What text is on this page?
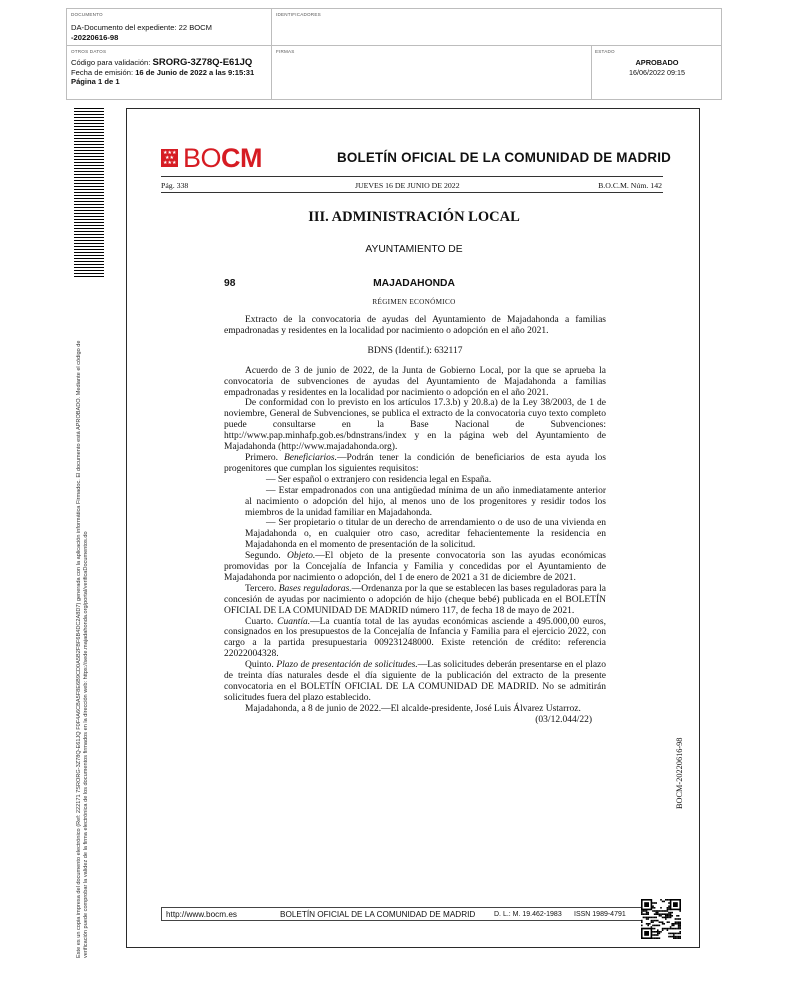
DOCUMENTO
DA-Documento del expediente: 22 BOCM
-20220616-98
IDENTIFICADORES
OTROS DATOS
Código para validación: SRORG-3Z78Q-E61JQ
Fecha de emisión: 16 de Junio de 2022 a las 9:15:31
Página 1 de 1
FIRMAS	ESTADO
APROBADO
16/06/2022 09:15
Este es un copia impresa del documento electrónico (Ref: 222171 7SRORG-3Z78Q-E61JQ F0F4A6CBA5F8E6B9CD0A5B2FBF6B4DC2A8D7) generada con la aplicación informática Firmadoc. El documento está APROBADO. Mediante el código de verificación puede comprobar la validez de la firma electrónica de los documentos firmados en la dirección web: https://sede.majadahonda.org/portal/verificaDocumentos.do
★★★
★★
★★★ BO CM	BOLETÍN OFICIAL DE LA COMUNIDAD DE MADRID
Pág. 338	JUEVES 16 DE JUNIO DE 2022	B.O.C.M. Núm. 142
III. ADMINISTRACIÓN LOCAL
AYUNTAMIENTO DE
98	MAJADAHONDA
RÉGIMEN ECONÓMICO

Extracto de la convocatoria de ayudas del Ayuntamiento de Majadahonda a familias empadronadas y residentes en la localidad por nacimiento o adopción en el año 2021.

BDNS (Identif.): 632117

Acuerdo de 3 de junio de 2022, de la Junta de Gobierno Local, por la que se aprueba la convocatoria de subvenciones de ayudas del Ayuntamiento de Majadahonda a familias empadronadas y residentes en la localidad por nacimiento o adopción en el año 2021.

De conformidad con lo previsto en los artículos 17.3.b) y 20.8.a) de la Ley 38/2003, de 1 de noviembre, General de Subvenciones, se publica el extracto de la convocatoria cuyo texto completo puede consultarse en la Base Nacional de Subvenciones: http://www.pap.minhafp.gob.es/bdnstrans/index y en la página web del Ayuntamiento de Majadahonda (http://www.majadahonda.org).

Primero. Beneficiarios.—Podrán tener la condición de beneficiarios de esta ayuda los progenitores que cumplan los siguientes requisitos:

— Ser español o extranjero con residencia legal en España.

— Estar empadronados con una antigüedad mínima de un año inmediatamente anterior al nacimiento o adopción del hijo, al menos uno de los progenitores y residir todos los miembros de la unidad familiar en Majadahonda.

— Ser propietario o titular de un derecho de arrendamiento o de uso de una vivienda en Majadahonda o, en cualquier otro caso, acreditar fehacientemente la residencia en Majadahonda en el momento de presentación de la solicitud.

Segundo. Objeto.—El objeto de la presente convocatoria son las ayudas económicas promovidas por la Concejalía de Infancia y Familia y concedidas por el Ayuntamiento de Majadahonda por nacimiento o adopción, del 1 de enero de 2021 a 31 de diciembre de 2021.

Tercero. Bases reguladoras.—Ordenanza por la que se establecen las bases reguladoras para la concesión de ayudas por nacimiento o adopción de hijo (cheque bebé) publicada en el BOLETÍN OFICIAL DE LA COMUNIDAD DE MADRID número 117, de fecha 18 de mayo de 2021.

Cuarto. Cuantía.—La cuantía total de las ayudas económicas asciende a 495.000,00 euros, consignados en los presupuestos de la Concejalía de Infancia y Familia para el ejercicio 2022, con cargo a la partida presupuestaria 009231248000. Existe retención de crédito: referencia 22022004328.

Quinto. Plazo de presentación de solicitudes.—Las solicitudes deberán presentarse en el plazo de treinta días naturales desde el día siguiente de la publicación del extracto de la presente convocatoria en el BOLETÍN OFICIAL DE LA COMUNIDAD DE MADRID. No se admitirán solicitudes fuera del plazo establecido.

Majadahonda, a 8 de junio de 2022.—El alcalde-presidente, José Luis Álvarez Ustarroz.

(03/12.044/22)

BOCM-20220616-98
http://www.bocm.es	BOLETÍN OFICIAL DE LA COMUNIDAD DE MADRID	D. L.: M. 19.462-1983 ISSN 1989-4791
